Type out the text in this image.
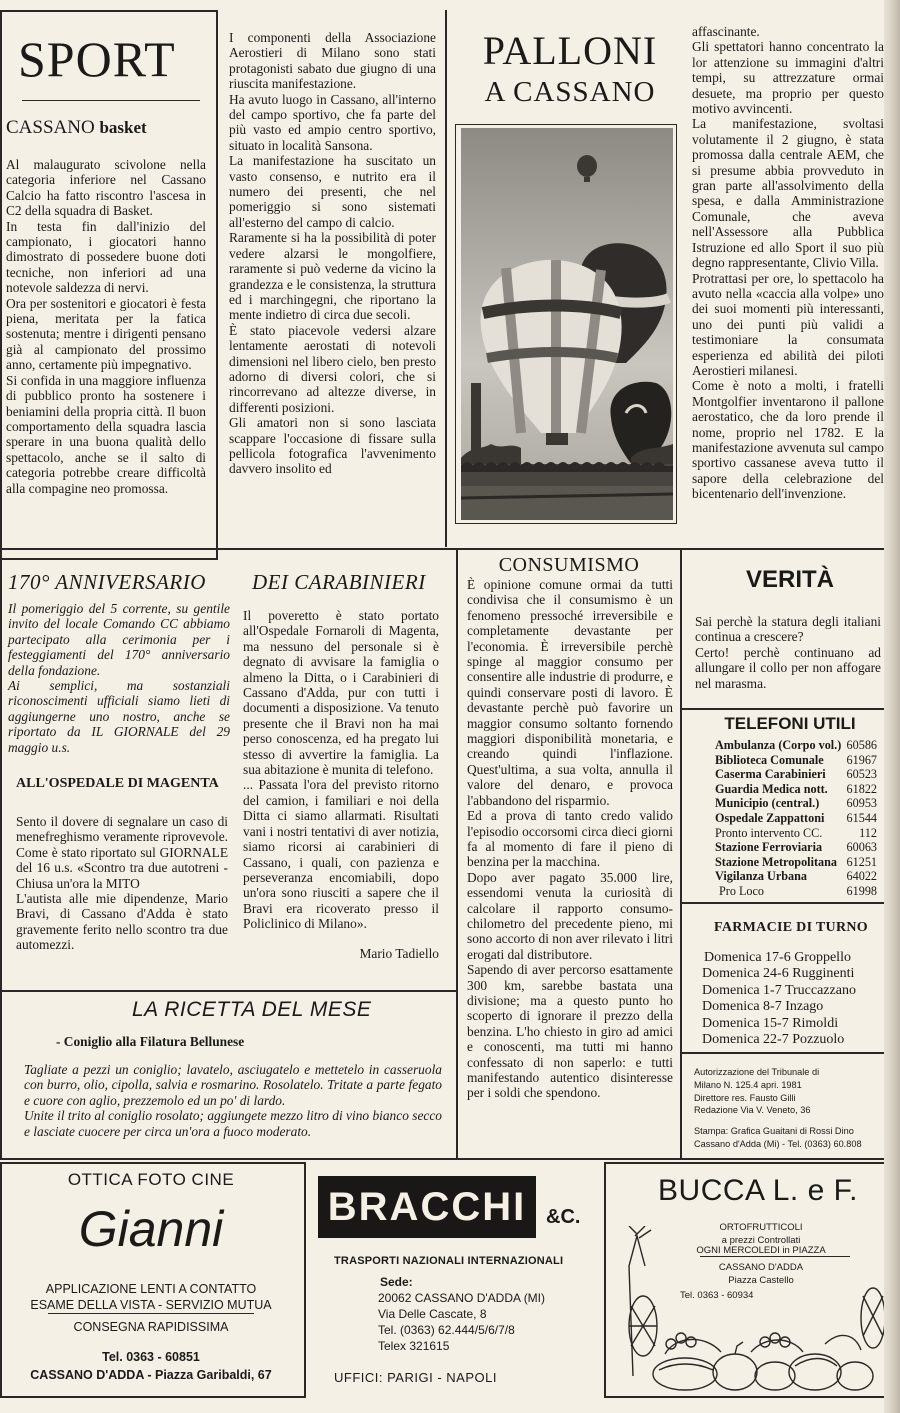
SPORT
CASSANO basket

Al malaugurato scivolone nella categoria inferiore nel Cassano Calcio ha fatto riscontro l'ascesa in C2 della squadra di Basket.

In testa fin dall'inizio del campionato, i giocatori hanno dimostrato di possedere buone doti tecniche, non inferiori ad una notevole saldezza di nervi.

Ora per sostenitori e giocatori è festa piena, meritata per la fatica sostenuta; mentre i dirigenti pensano già al campionato del prossimo anno, certamente più impegnativo.

Si confida in una maggiore influenza di pubblico pronto ha sostenere i beniamini della propria città. Il buon comportamento della squadra lascia sperare in una buona qualità dello spettacolo, anche se il salto di categoria potrebbe creare difficoltà alla compagine neo promossa.

I componenti della Associazione Aerostieri di Milano sono stati protagonisti sabato due giugno di una riuscita manifestazione.

Ha avuto luogo in Cassano, all'interno del campo sportivo, che fa parte del più vasto ed ampio centro sportivo, situato in località Sansona.

La manifestazione ha suscitato un vasto consenso, e nutrito era il numero dei presenti, che nel pomeriggio si sono sistemati all'esterno del campo di calcio.

Raramente si ha la possibilità di poter vedere alzarsi le mongolfiere, raramente si può vederne da vicino la grandezza e le consistenza, la struttura ed i marchingegni, che riportano la mente indietro di circa due secoli.

È stato piacevole vedersi alzare lentamente aerostati di notevoli dimensioni nel libero cielo, ben presto adorno di diversi colori, che si rincorrevano ad altezze diverse, in differenti posizioni.

Gli amatori non si sono lasciata scappare l'occasione di fissare sulla pellicola fotografica l'avvenimento davvero insolito ed

PALLONI
A CASSANO

affascinante.

Gli spettatori hanno concentrato la lor attenzione su immagini d'altri tempi, su attrezzature ormai desuete, ma proprio per questo motivo avvincenti.

La manifestazione, svoltasi volutamente il 2 giugno, è stata promossa dalla centrale AEM, che si presume abbia provveduto in gran parte all'assolvimento della spesa, e dalla Amministrazione Comunale, che aveva nell'Assessore alla Pubblica Istruzione ed allo Sport il suo più degno rappresentante, Clivio Villa.

Protrattasi per ore, lo spettacolo ha avuto nella «caccia alla volpe» uno dei suoi momenti più interessanti, uno dei punti più validi a testimoniare la consumata esperienza ed abilità dei piloti Aerostieri milanesi.

Come è noto a molti, i fratelli Montgolfier inventarono il pallone aerostatico, che da loro prende il nome, proprio nel 1782. E la manifestazione avvenuta sul campo sportivo cassanese aveva tutto il sapore della celebrazione del bicentenario dell'invenzione.

170° ANNIVERSARIO DEI CARABINIERI

Il pomeriggio del 5 corrente, su gentile invito del locale Comando CC abbiamo partecipato alla cerimonia per i festeggiamenti del 170° anniversario della fondazione.

Ai semplici, ma sostanziali riconoscimenti ufficiali siamo lieti di aggiungerne uno nostro, anche se riportato da IL GIORNALE del 29 maggio u.s.

ALL'OSPEDALE DI MAGENTA

Sento il dovere di segnalare un caso di menefreghismo veramente riprovevole. Come è stato riportato sul GIORNALE del 16 u.s. «Scontro tra due autotreni - Chiusa un'ora la MITO

L'autista alle mie dipendenze, Mario Bravi, di Cassano d'Adda è stato gravemente ferito nello scontro tra due automezzi.

Il poveretto è stato portato all'Ospedale Fornaroli di Magenta, ma nessuno del personale si è degnato di avvisare la famiglia o almeno la Ditta, o i Carabinieri di Cassano d'Adda, pur con tutti i documenti a disposizione. Va tenuto presente che il Bravi non ha mai perso conoscenza, ed ha pregato lui stesso di avvertire la famiglia. La sua abitazione è munita di telefono.

... Passata l'ora del previsto ritorno del camion, i familiari e noi della Ditta ci siamo allarmati. Risultati vani i nostri tentativi di aver notizia, siamo ricorsi ai carabinieri di Cassano, i quali, con pazienza e perseveranza encomiabili, dopo un'ora sono riusciti a sapere che il Bravi era ricoverato presso il Policlinico di Milano».

Mario Tadiello
LA RICETTA DEL MESE
- Coniglio alla Filatura Bellunese

Tagliate a pezzi un coniglio; lavatelo, asciugatelo e mettetelo in casseruola con burro, olio, cipolla, salvia e rosmarino. Rosolatelo. Tritate a parte fegato e cuore con aglio, prezzemolo ed un po' di lardo.

Unite il trito al coniglio rosolato; aggiungete mezzo litro di vino bianco secco e lasciate cuocere per circa un'ora a fuoco moderato.

CONSUMISMO

È opinione comune ormai da tutti condivisa che il consumismo è un fenomeno pressoché irreversibile e completamente devastante per l'economia. È irreversibile perchè spinge al maggior consumo per consentire alle industrie di produrre, e quindi conservare posti di lavoro. È devastante perchè può favorire un maggior consumo soltanto fornendo maggiori disponibilità monetaria, e creando quindi l'inflazione. Quest'ultima, a sua volta, annulla il valore del denaro, e provoca l'abbandono del risparmio.

Ed a prova di tanto credo valido l'episodio occorsomi circa dieci giorni fa al momento di fare il pieno di benzina per la macchina.

Dopo aver pagato 35.000 lire, essendomi venuta la curiosità di calcolare il rapporto consumo-chilometro del precedente pieno, mi sono accorto di non aver rilevato i litri erogati dal distributore.

Sapendo di aver percorso esattamente 300 km, sarebbe bastata una divisione; ma a questo punto ho scoperto di ignorare il prezzo della benzina. L'ho chiesto in giro ad amici e conoscenti, ma tutti mi hanno confessato di non saperlo: e tutti manifestando autentico disinteresse per i soldi che spendono.

VERITÀ

Sai perchè la statura degli italiani continua a crescere?

Certo! perchè continuano ad allungare il collo per non affogare nel marasma.

TELEFONI UTILI
Ambulanza (Corpo vol.) 60586
Biblioteca Comunale 61967
Caserma Carabinieri 60523
Guardia Medica nott. 61822
Municipio (central.) 60953
Ospedale Zappattoni 61544
Pronto intervento CC.	112
Stazione Ferroviaria 60063
Stazione Metropolitana 61251
Vigilanza Urbana	64022
Pro Loco	61998
FARMACIE DI TURNO
Domenica 17-6 Groppello
Domenica 24-6 Rugginenti
Domenica 1-7 Truccazzano
Domenica 8-7 Inzago
Domenica 15-7 Rimoldi
Domenica 22-7 Pozzuolo
Autorizzazione del Tribunale di
Milano N. 125.4 apri. 1981
Direttore res. Fausto Gilli
Redazione Via V. Veneto, 36
Stampa: Grafica Guaitani di Rossi Dino
Cassano d'Adda (Mi) - Tel. (0363) 60.808
OTTICA FOTO CINE
Gianni
APPLICAZIONE LENTI A CONTATTO
ESAME DELLA VISTA - SERVIZIO MUTUA
CONSEGNA RAPIDISSIMA
Tel. 0363 - 60851
CASSANO D'ADDA - Piazza Garibaldi, 67
BRACCHI &C.
TRASPORTI NAZIONALI INTERNAZIONALI
Sede:
20062 CASSANO D'ADDA (MI)
Via Delle Cascate, 8
Tel. (0363) 62.444/5/6/7/8
Telex 321615
UFFICI: PARIGI - NAPOLI
BUCCA L. e F.
ORTOFRUTTICOLI
a prezzi Controllati
OGNI MERCOLEDI in PIAZZA
CASSANO D'ADDA
Piazza Castello
Tel. 0363 - 60934
